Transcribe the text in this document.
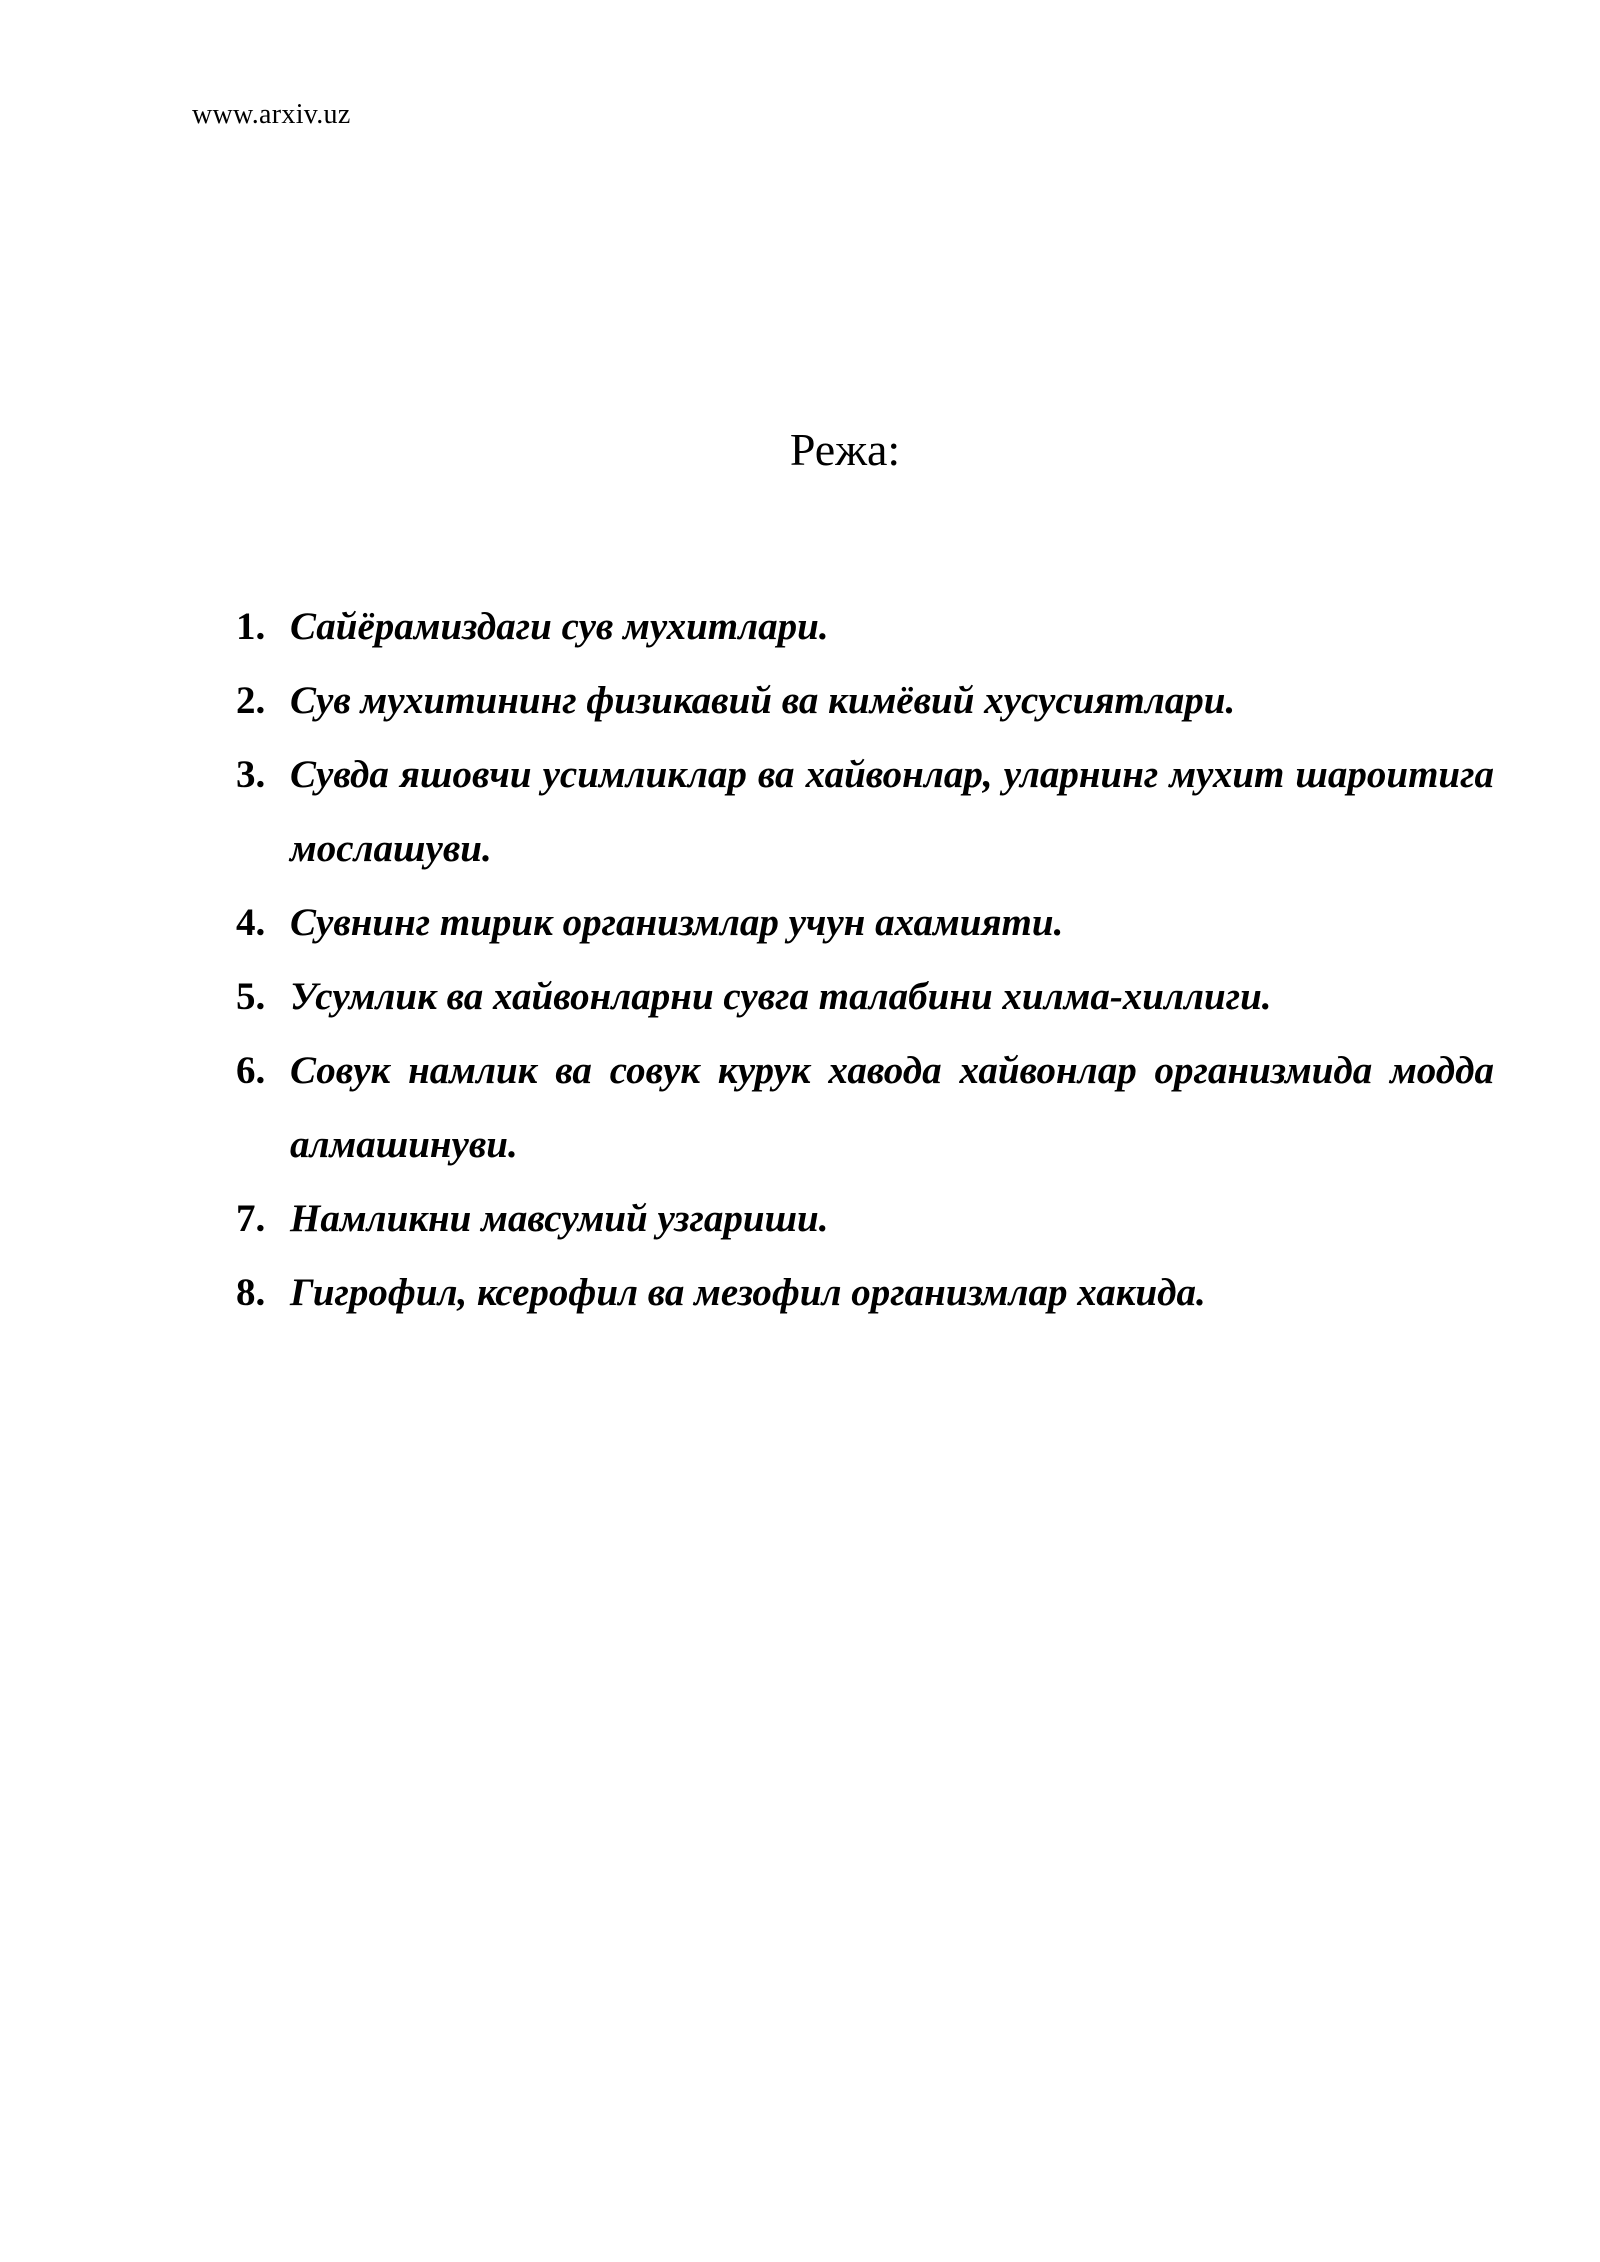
www.arxiv.uz
Режа:
1. Сайёрамиздаги сув мухитлари.
2. Сув мухитининг физикавий ва кимёвий хусусиятлари.
3. Сувда яшовчи усимликлар ва хайвонлар, уларнинг мухит шароитига мослашуви.
4. Сувнинг тирик организмлар учун ахамияти.
5. Усумлик ва хайвонларни сувга талабини хилма-хиллиги.
6. Совук намлик ва совук курук хавода хайвонлар организмида модда алмашинуви.
7. Намликни мавсумий узгариши.
8. Гигрофил, ксерофил ва мезофил организмлар хакида.
